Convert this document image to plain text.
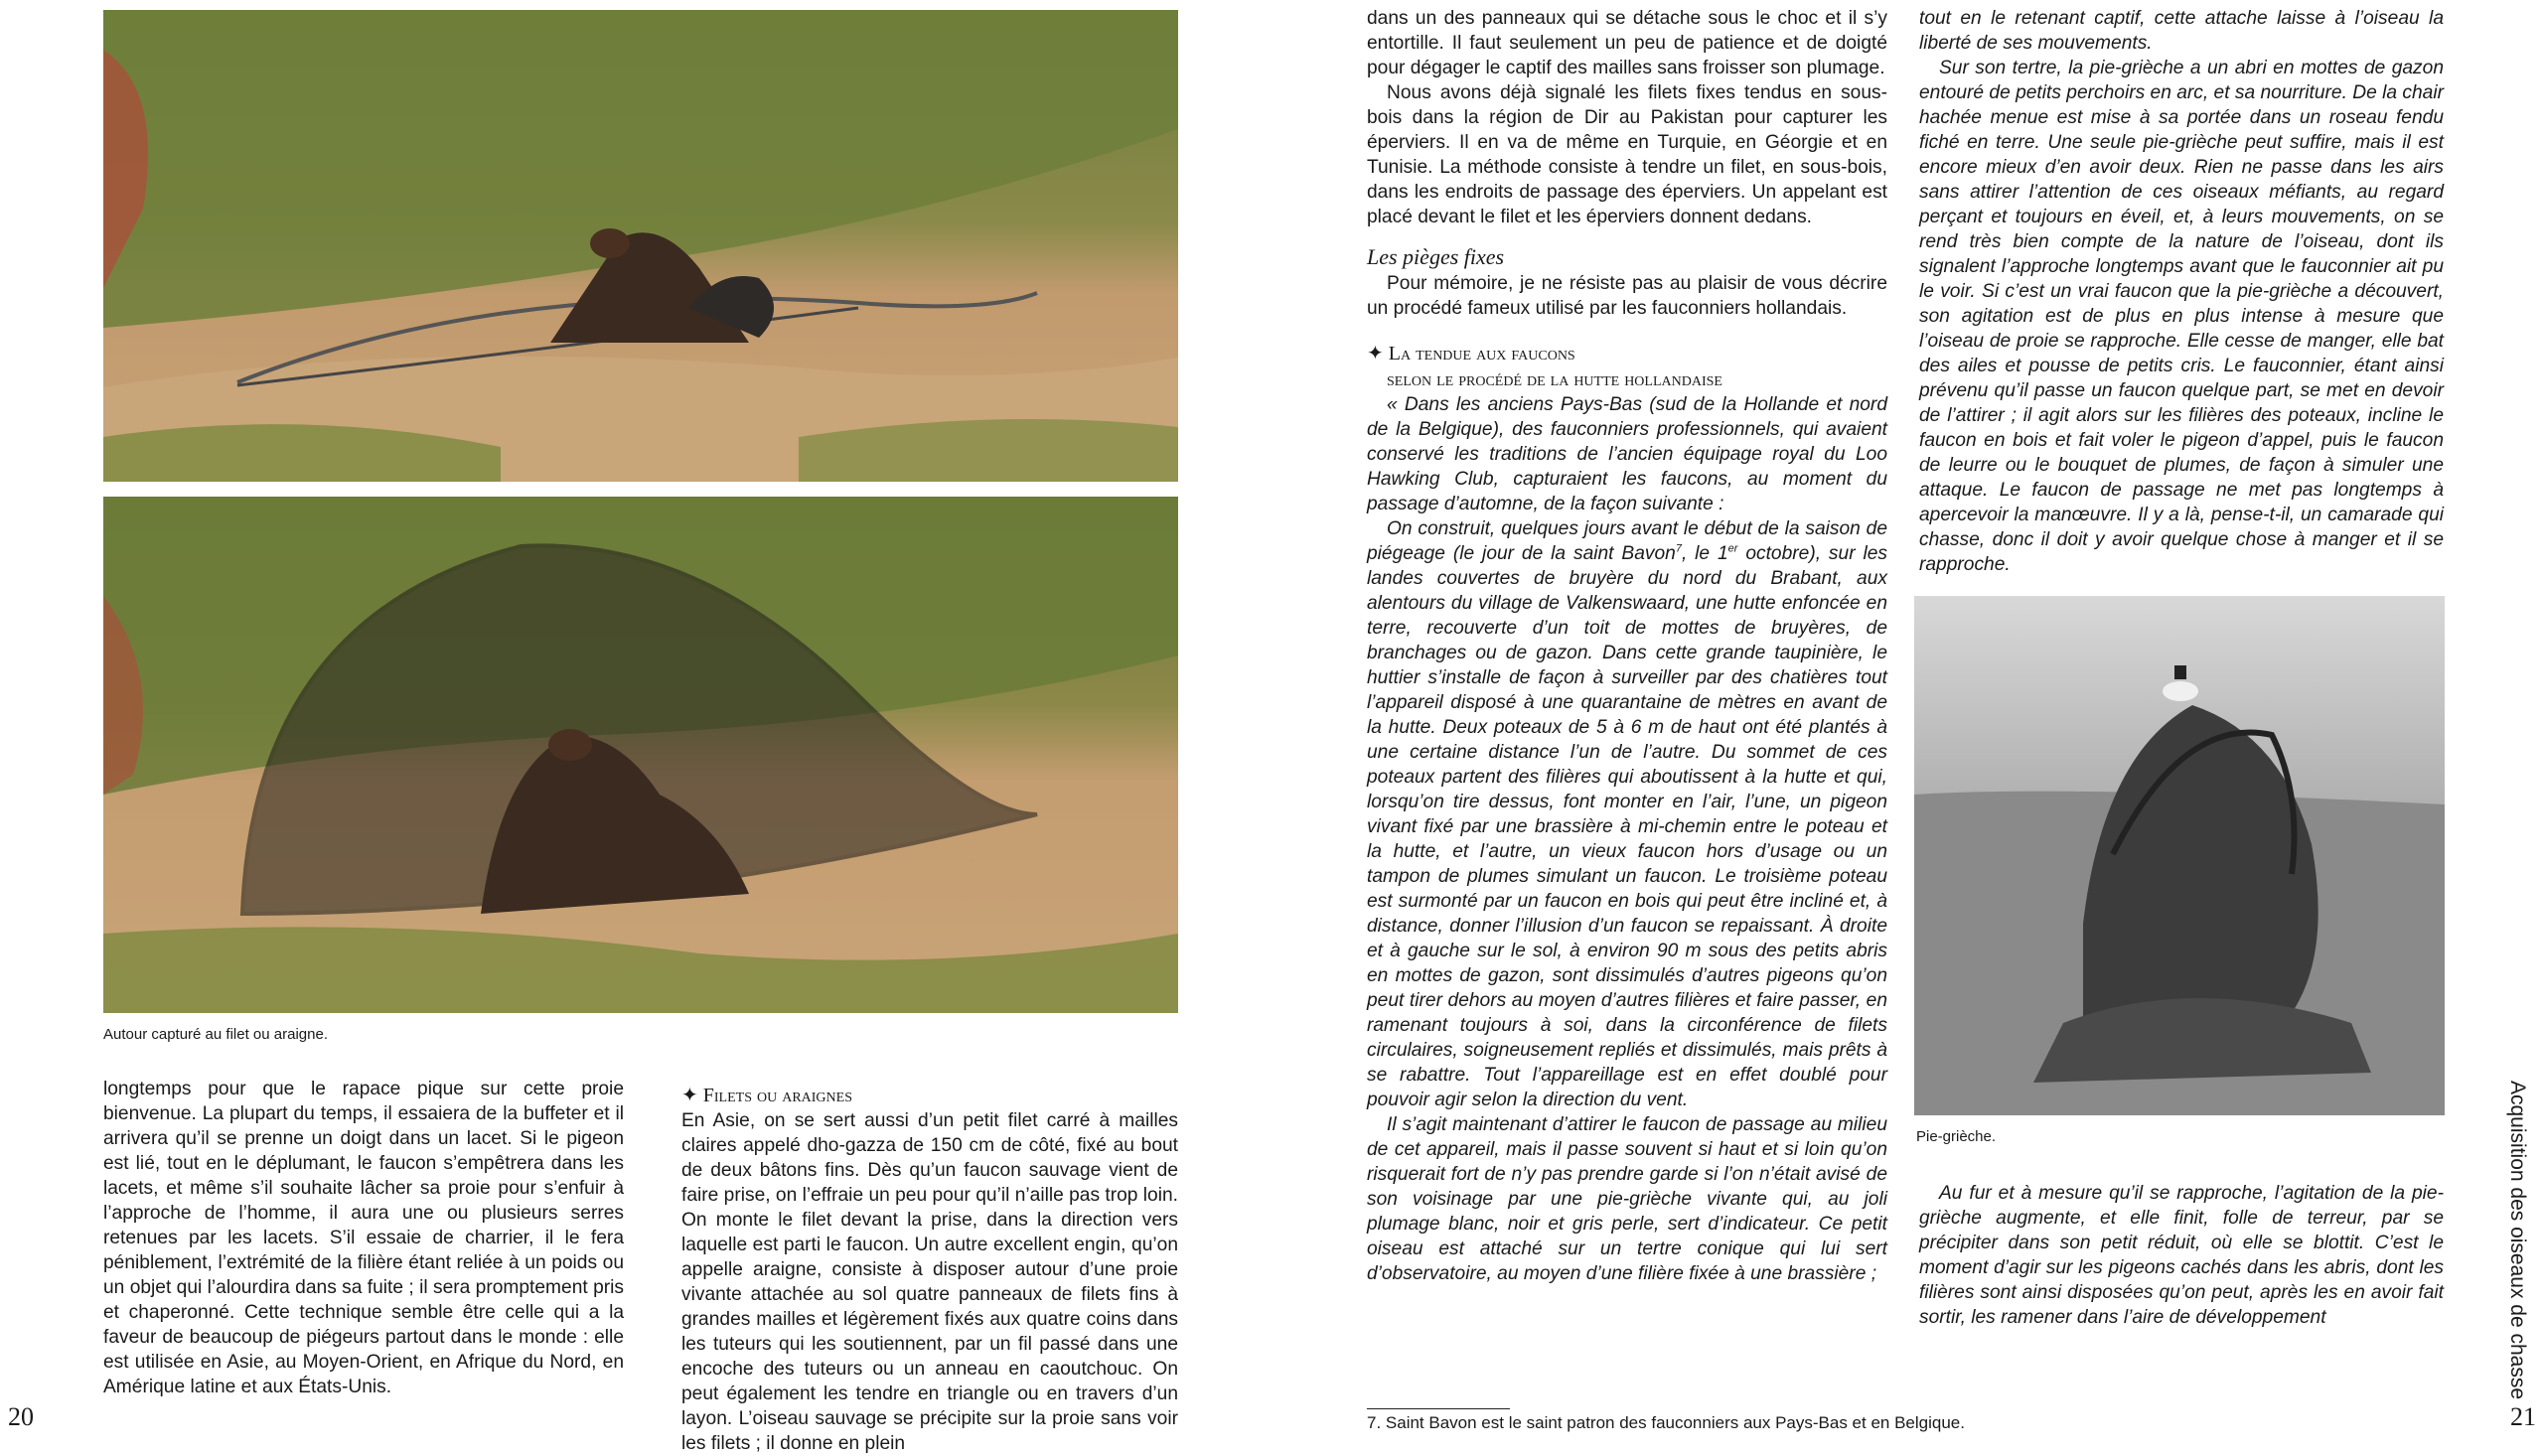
Autour capturé au filet ou araigne.

longtemps pour que le rapace pique sur cette proie bienvenue. La plupart du temps, il essaiera de la buffeter et il arrivera qu’il se prenne un doigt dans un lacet. Si le pigeon est lié, tout en le déplumant, le faucon s’empêtrera dans les lacets, et même s’il souhaite lâcher sa proie pour s’enfuir à l’approche de l’homme, il aura une ou plusieurs serres retenues par les lacets. S’il essaie de charrier, il le fera péniblement, l’extrémité de la filière étant reliée à un poids ou un objet qui l’alourdira dans sa fuite ; il sera promptement pris et chaperonné. Cette technique semble être celle qui a la faveur de beaucoup de piégeurs partout dans le monde : elle est utilisée en Asie, au Moyen-Orient, en Afrique du Nord, en Amérique latine et aux États-Unis.

✦ Filets ou araignes

En Asie, on se sert aussi d’un petit filet carré à mailles claires appelé dho-gazza de 150 cm de côté, fixé au bout de deux bâtons fins. Dès qu’un faucon sauvage vient de faire prise, on l’effraie un peu pour qu’il n’aille pas trop loin. On monte le filet devant la prise, dans la direction vers laquelle est parti le faucon. Un autre excellent engin, qu’on appelle araigne, consiste à disposer autour d’une proie vivante attachée au sol quatre panneaux de filets fins à grandes mailles et légèrement fixés aux quatre coins dans les tuteurs qui les soutiennent, par un fil passé dans une encoche des tuteurs ou un anneau en caoutchouc. On peut également les tendre en triangle ou en travers d’un layon. L’oiseau sauvage se précipite sur la proie sans voir les filets ; il donne en plein

dans un des panneaux qui se détache sous le choc et il s’y entortille. Il faut seulement un peu de patience et de doigté pour dégager le captif des mailles sans froisser son plumage.

Nous avons déjà signalé les filets fixes tendus en sous-bois dans la région de Dir au Pakistan pour capturer les éperviers. Il en va de même en Turquie, en Géorgie et en Tunisie. La méthode consiste à tendre un filet, en sous-bois, dans les endroits de passage des éperviers. Un appelant est placé devant le filet et les éperviers donnent dedans.

Les pièges fixes

Pour mémoire, je ne résiste pas au plaisir de vous décrire un procédé fameux utilisé par les fauconniers hollandais.

✦ La tendue aux faucons
selon le procédé de la hutte hollandaise

« Dans les anciens Pays-Bas (sud de la Hollande et nord de la Belgique), des fauconniers professionnels, qui avaient conservé les traditions de l’ancien équipage royal du Loo Hawking Club, capturaient les faucons, au moment du passage d’automne, de la façon suivante :

On construit, quelques jours avant le début de la saison de piégeage (le jour de la saint Bavon$^7$, le 1er octobre), sur les landes couvertes de bruyère du nord du Brabant, aux alentours du village de Valkenswaard, une hutte enfoncée en terre, recouverte d’un toit de mottes de bruyères, de branchages ou de gazon. Dans cette grande taupinière, le huttier s’installe de façon à surveiller par des chatières tout l’appareil disposé à une quarantaine de mètres en avant de la hutte. Deux poteaux de 5 à 6 m de haut ont été plantés à une certaine distance l’un de l’autre. Du sommet de ces poteaux partent des filières qui aboutissent à la hutte et qui, lorsqu’on tire dessus, font monter en l’air, l’une, un pigeon vivant fixé par une brassière à mi-chemin entre le poteau et la hutte, et l’autre, un vieux faucon hors d’usage ou un tampon de plumes simulant un faucon. Le troisième poteau est surmonté par un faucon en bois qui peut être incliné et, à distance, donner l’illusion d’un faucon se repaissant. À droite et à gauche sur le sol, à environ 90 m sous des petits abris en mottes de gazon, sont dissimulés d’autres pigeons qu’on peut tirer dehors au moyen d’autres filières et faire passer, en ramenant toujours à soi, dans la circonférence de filets circulaires, soigneusement repliés et dissimulés, mais prêts à se rabattre. Tout l’appareillage est en effet doublé pour pouvoir agir selon la direction du vent.

Il s’agit maintenant d’attirer le faucon de passage au milieu de cet appareil, mais il passe souvent si haut et si loin qu’on risquerait fort de n’y pas prendre garde si l’on n’était avisé de son voisinage par une pie-grièche vivante qui, au joli plumage blanc, noir et gris perle, sert d’indicateur. Ce petit oiseau est attaché sur un tertre conique qui lui sert d’observatoire, au moyen d’une filière fixée à une brassière ;

tout en le retenant captif, cette attache laisse à l’oiseau la liberté de ses mouvements.

Sur son tertre, la pie-grièche a un abri en mottes de gazon entouré de petits perchoirs en arc, et sa nourriture. De la chair hachée menue est mise à sa portée dans un roseau fendu fiché en terre. Une seule pie-grièche peut suffire, mais il est encore mieux d’en avoir deux. Rien ne passe dans les airs sans attirer l’attention de ces oiseaux méfiants, au regard perçant et toujours en éveil, et, à leurs mouvements, on se rend très bien compte de la nature de l’oiseau, dont ils signalent l’approche longtemps avant que le fauconnier ait pu le voir. Si c’est un vrai faucon que la pie-grièche a découvert, son agitation est de plus en plus intense à mesure que l’oiseau de proie se rapproche. Elle cesse de manger, elle bat des ailes et pousse de petits cris. Le fauconnier, étant ainsi prévenu qu’il passe un faucon quelque part, se met en devoir de l’attirer ; il agit alors sur les filières des poteaux, incline le faucon en bois et fait voler le pigeon d’appel, puis le faucon de leurre ou le bouquet de plumes, de façon à simuler une attaque. Le faucon de passage ne met pas longtemps à apercevoir la manœuvre. Il y a là, pense-t-il, un camarade qui chasse, donc il doit y avoir quelque chose à manger et il se rapproche.

Pie-grièche.

Au fur et à mesure qu’il se rapproche, l’agitation de la pie-grièche augmente, et elle finit, folle de terreur, par se précipiter dans son petit réduit, où elle se blottit. C’est le moment d’agir sur les pigeons cachés dans les abris, dont les filières sont ainsi disposées qu’on peut, après les en avoir fait sortir, les ramener dans l’aire de développement

7. Saint Bavon est le saint patron des fauconniers aux Pays-Bas et en Belgique.
20	21
Acquisition des oiseaux de chasse
